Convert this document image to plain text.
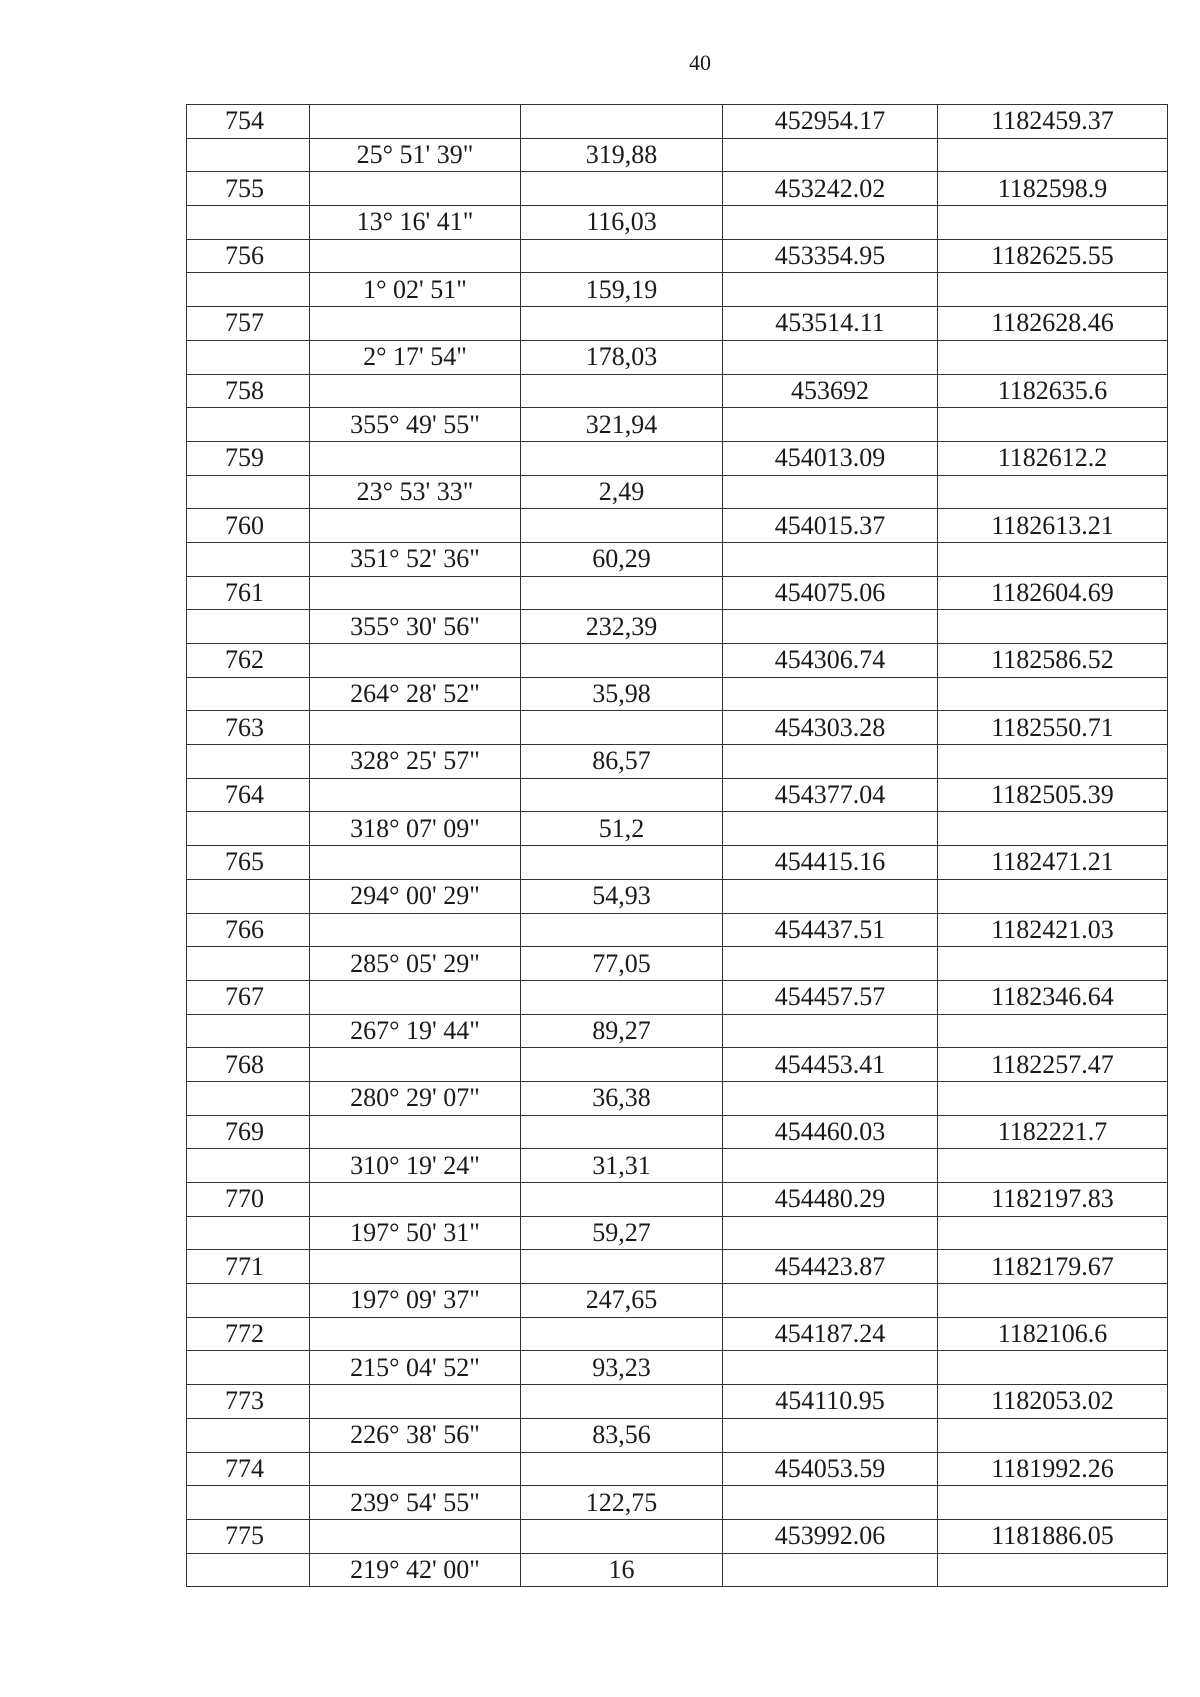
40
754			452954.17	1182459.37
	25° 51' 39"	319,88		
755			453242.02	1182598.9
	13° 16' 41"	116,03		
756			453354.95	1182625.55
	1° 02' 51"	159,19		
757			453514.11	1182628.46
	2° 17' 54"	178,03		
758			453692	1182635.6
	355° 49' 55"	321,94		
759			454013.09	1182612.2
	23° 53' 33"	2,49		
760			454015.37	1182613.21
	351° 52' 36"	60,29		
761			454075.06	1182604.69
	355° 30' 56"	232,39		
762			454306.74	1182586.52
	264° 28' 52"	35,98		
763			454303.28	1182550.71
	328° 25' 57"	86,57		
764			454377.04	1182505.39
	318° 07' 09"	51,2		
765			454415.16	1182471.21
	294° 00' 29"	54,93		
766			454437.51	1182421.03
	285° 05' 29"	77,05		
767			454457.57	1182346.64
	267° 19' 44"	89,27		
768			454453.41	1182257.47
	280° 29' 07"	36,38		
769			454460.03	1182221.7
	310° 19' 24"	31,31		
770			454480.29	1182197.83
	197° 50' 31"	59,27		
771			454423.87	1182179.67
	197° 09' 37"	247,65		
772			454187.24	1182106.6
	215° 04' 52"	93,23		
773			454110.95	1182053.02
	226° 38' 56"	83,56		
774			454053.59	1181992.26
	239° 54' 55"	122,75		
775			453992.06	1181886.05
	219° 42' 00"	16		
